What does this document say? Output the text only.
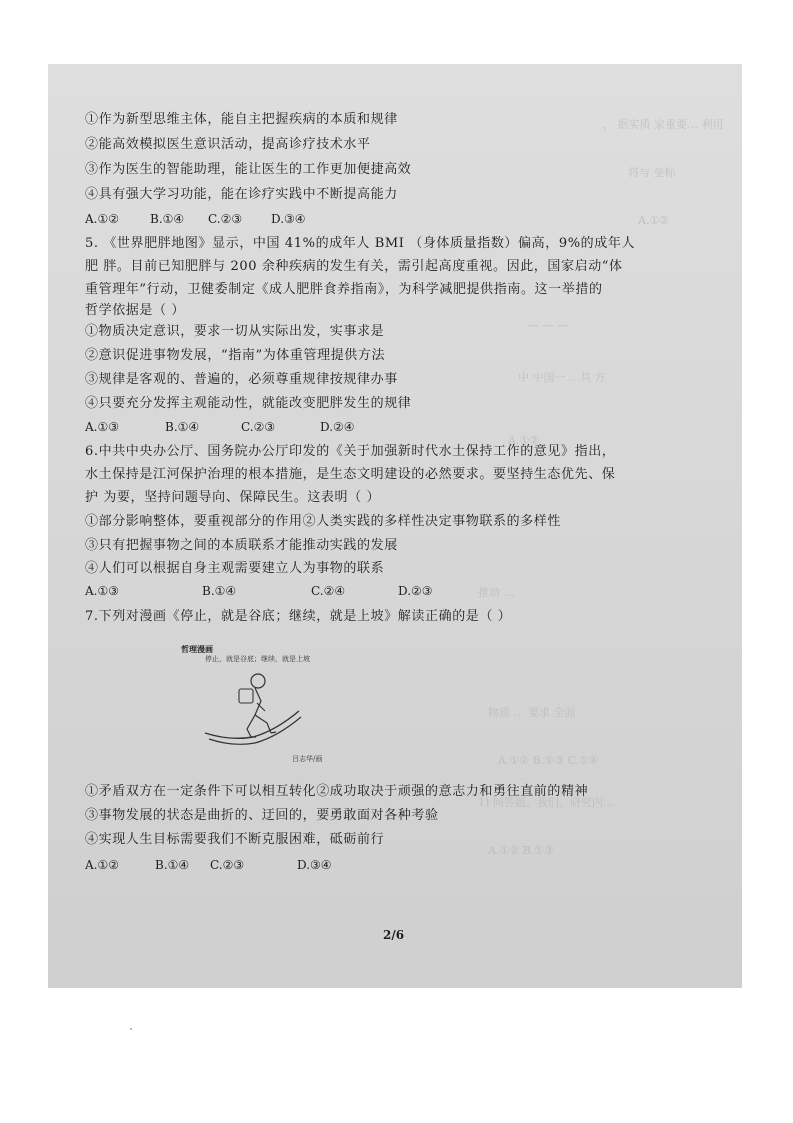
， 据实质 家重要… 利用
将与 坐标
A.①②
— — —
中 中国一 …共 方
A.①②
推动 …
物质 … 要求 全面
A.①② B.①③ C.①④
1) 问答题、我们、研究内…
A.①② B.①③
①作为新型思维主体，能自主把握疾病的本质和规律
②能高效模拟医生意识活动，提高诊疗技术水平
③作为医生的智能助理，能让医生的工作更加便捷高效
④具有强大学习功能，能在诊疗实践中不断提高能力
A.①②	B.①④ C.②③ D.③④
5. 《世界肥胖地图》显示，中国 41%的成年人 BMI （身体质量指数）偏高，9%的成年人
肥 胖。目前已知肥胖与 200 余种疾病的发生有关，需引起高度重视。因此，国家启动“体
重管理年”行动，卫健委制定《成人肥胖食养指南》，为科学减肥提供指南。这一举措的
哲学依据是（ ）
①物质决定意识，要求一切从实际出发，实事求是
②意识促进事物发展，“指南”为体重管理提供方法
③规律是客观的、普遍的，必须尊重规律按规律办事
④只要充分发挥主观能动性，就能改变肥胖发生的规律
A.①③	B.①④	C.②③	D.②④
6.中共中央办公厅、国务院办公厅印发的《关于加强新时代水土保持工作的意见》指出，
水土保持是江河保护治理的根本措施，是生态文明建设的必然要求。要坚持生态优先、保
护 为要，坚持问题导向、保障民生。这表明（ ）
①部分影响整体，要重视部分的作用②人类实践的多样性决定事物联系的多样性
③只有把握事物之间的本质联系才能推动实践的发展
④人们可以根据自身主观需要建立人为事物的联系
A.①③	B.①④	C.②④	D.②③
7.下列对漫画《停止，就是谷底；继续，就是上坡》解读正确的是（ ）
哲理漫画
停止，就是谷底；继续，就是上坡
吕志华/画
①矛盾双方在一定条件下可以相互转化②成功取决于顽强的意志力和勇往直前的精神
③事物发展的状态是曲折的、迂回的，要勇敢面对各种考验
④实现人生目标需要我们不断克服困难，砥砺前行
A.①②	B.①④ C.②③	D.③④
2/6
